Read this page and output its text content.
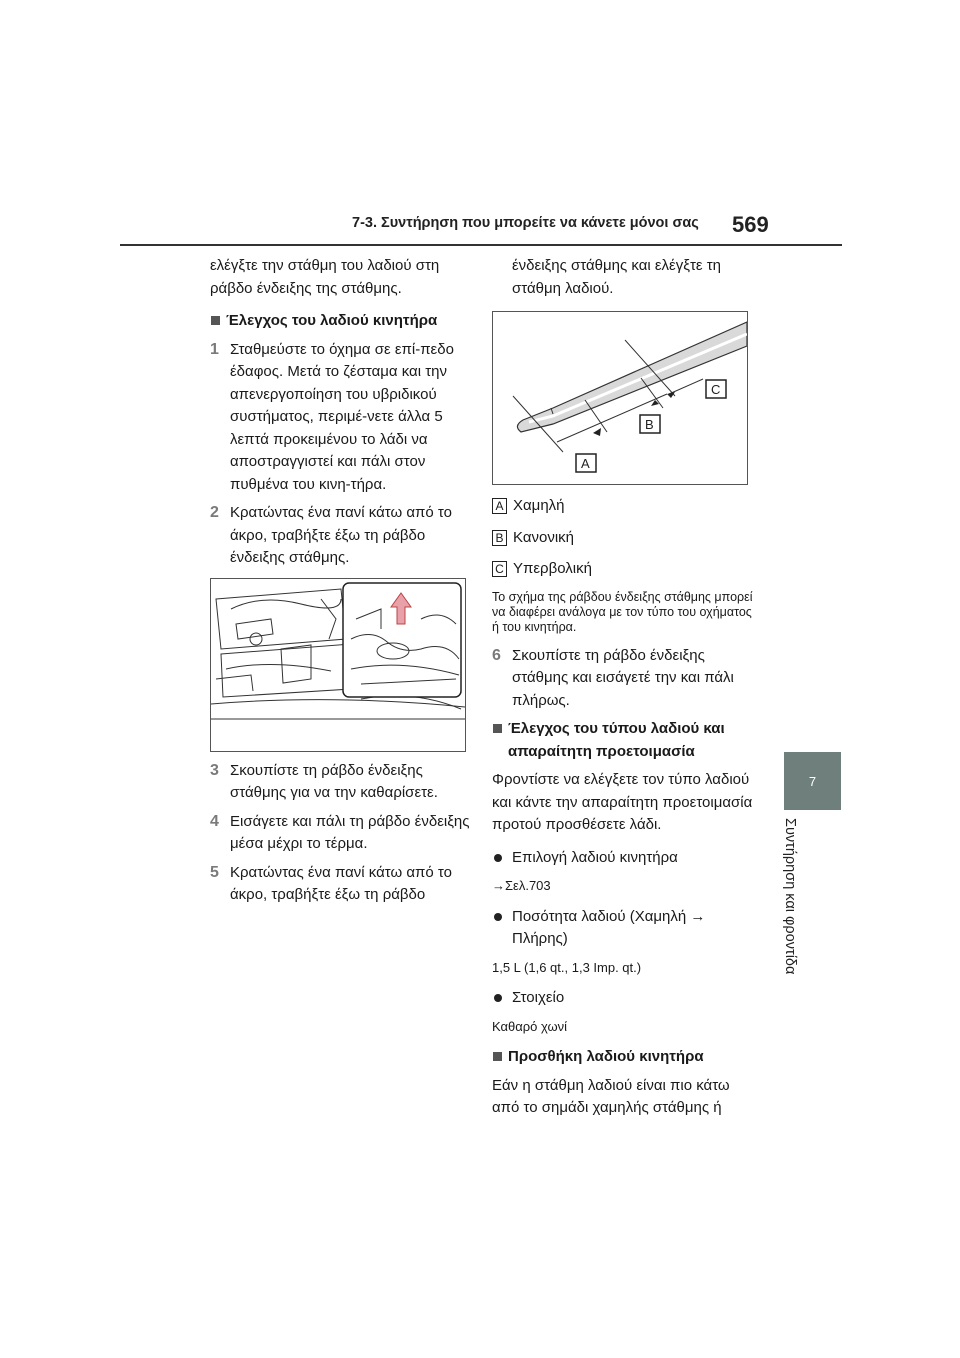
7-3. Συντήρηση που μπορείτε να κάνετε μόνοι σας 569
7
Συντήρηση και φροντίδα

ελέγξτε την στάθμη του λαδιού στη ράβδο ένδειξης της στάθμης.

Έλεγχος του λαδιού κινητήρα
1 Σταθμεύστε το όχημα σε επί-πεδο έδαφος. Μετά το ζέσταμα και την απενεργοποίηση του υβριδικού συστήματος, περιμέ-νετε άλλα 5 λεπτά προκειμένου το λάδι να αποστραγγιστεί και πάλι στον πυθμένα του κινη-τήρα.
2 Κρατώντας ένα πανί κάτω από το άκρο, τραβήξτε έξω τη ράβδο ένδειξης στάθμης.
3 Σκουπίστε τη ράβδο ένδειξης στάθμης για να την καθαρίσετε.
4 Εισάγετε και πάλι τη ράβδο ένδειξης μέσα μέχρι το τέρμα.
5 Κρατώντας ένα πανί κάτω από το άκρο, τραβήξτε έξω τη ράβδο

ένδειξης στάθμης και ελέγξτε τη στάθμη λαδιού.

A
B
C
A Χαμηλή
B Κανονική
C Υπερβολική

Το σχήμα της ράβδου ένδειξης στάθμης μπορεί να διαφέρει ανάλογα με τον τύπο του οχήματος ή του κινητήρα.

6 Σκουπίστε τη ράβδο ένδειξης στάθμης και εισάγετέ την και πάλι πλήρως.
Έλεγχος του τύπου λαδιού και απαραίτητη προετοιμασία

Φροντίστε να ελέγξετε τον τύπο λαδιού και κάντε την απαραίτητη προετοιμασία προτού προσθέσετε λάδι.

Επιλογή λαδιού κινητήρα

→Σελ.703

Ποσότητα λαδιού (Χαμηλή → Πλήρης)

1,5 L (1,6 qt., 1,3 Imp. qt.)

Στοιχείο

Καθαρό χωνί

Προσθήκη λαδιού κινητήρα

Εάν η στάθμη λαδιού είναι πιο κάτω από το σημάδι χαμηλής στάθμης ή
